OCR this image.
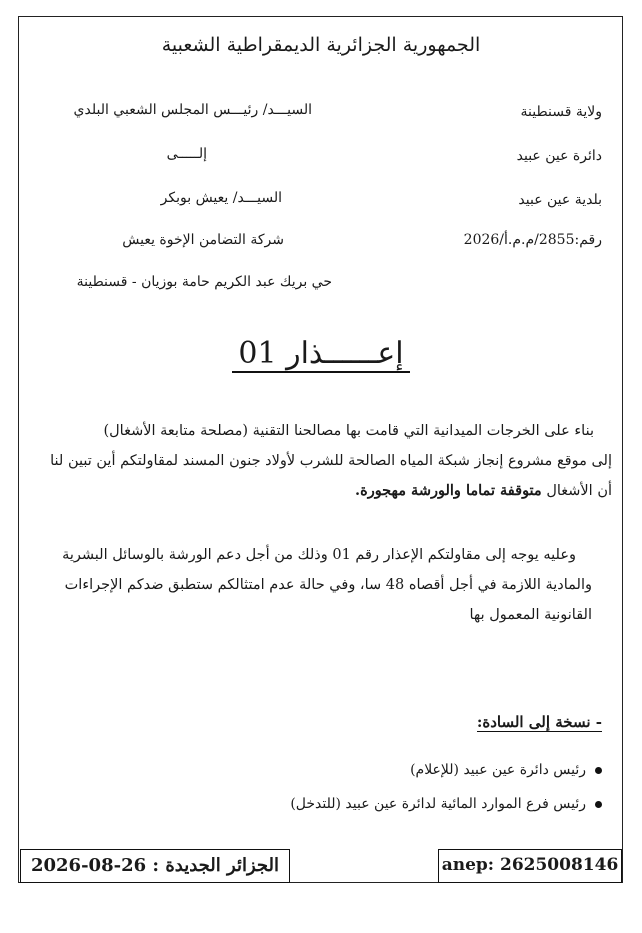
الجمهورية الجزائرية الديمقراطية الشعبية
ولاية قسنطينة
دائرة عين عبيد
بلدية عين عبيد
رقم:2855/م.م.أ/2026
السيـــد/ رئيـــس المجلس الشعبي البلدي
إلـــــى
السيـــد/ يعيش بوبكر
شركة التضامن الإخوة يعيش
حي بريك عبد الكريم حامة بوزيان - قسنطينة
إعــــــذار 01

بناء على الخرجات الميدانية التي قامت بها مصالحنا التقنية (مصلحة متابعة الأشغال)

إلى موقع مشروع إنجاز شبكة المياه الصالحة للشرب لأولاد جنون المسند لمقاولتكم أين تبين لنا

أن الأشغال متوقفة تماما والورشة مهجورة.

وعليه يوجه إلى مقاولتكم الإعذار رقم 01 وذلك من أجل دعم الورشة بالوسائل البشرية

والمادية اللازمة في أجل أقصاه 48 سا، وفي حالة عدم امتثالكم ستطبق ضدكم الإجراءات

القانونية المعمول بها

- نسخة إلى السادة:
رئيس دائرة عين عبيد (للإعلام)
رئيس فرع الموارد المائية لدائرة عين عبيد (للتدخل)
الجزائر الجديدة : 26-08-2026	anep: 2625008146
